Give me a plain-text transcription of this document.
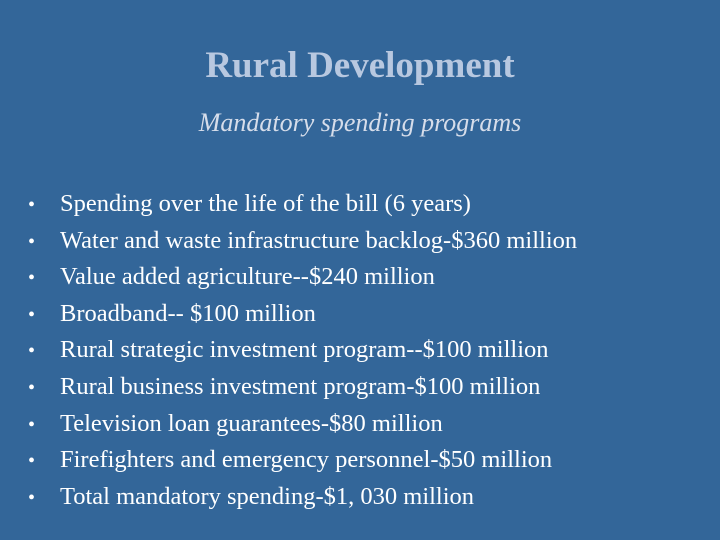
Rural Development
Mandatory spending programs
•	Spending over the life of the bill (6 years)
•	Water and waste infrastructure backlog-$360 million
•	Value added agriculture--$240 million
•	Broadband-- $100 million
•	Rural strategic investment program--$100 million
•	Rural business investment program-$100 million
•	Television loan guarantees-$80 million
•	Firefighters and emergency personnel-$50 million
•	Total mandatory spending-$1, 030 million
